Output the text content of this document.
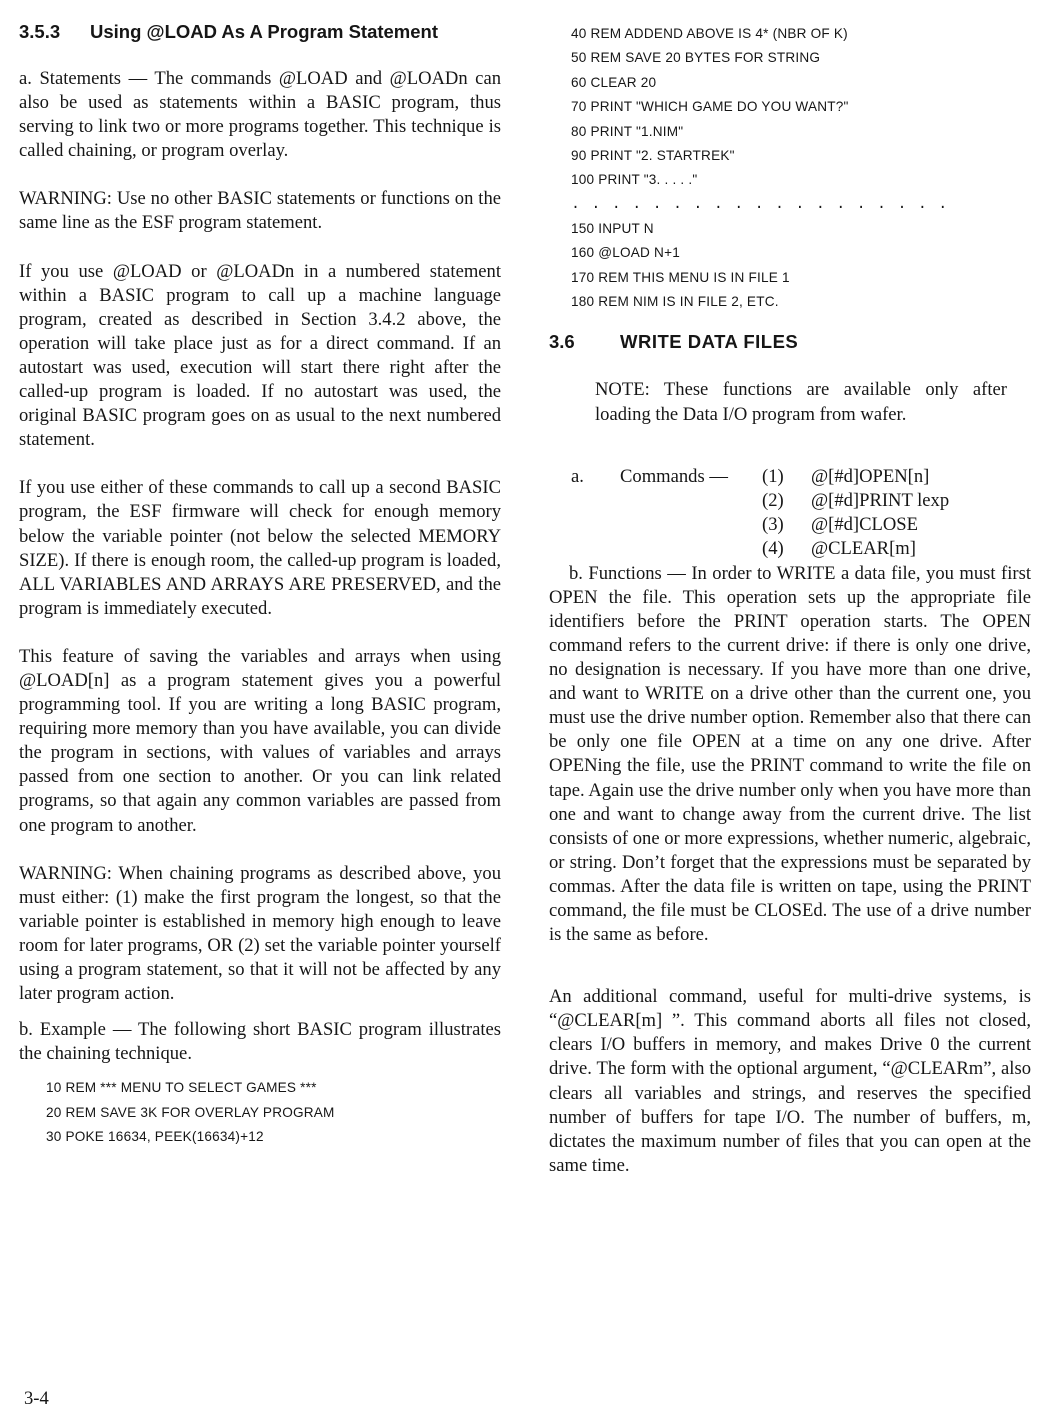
3.5.3 Using @LOAD As A Program Statement

a. Statements — The commands @LOAD and @LOADn can also be used as statements within a BASIC program, thus serving to link two or more programs together. This technique is called chaining, or program overlay.

WARNING: Use no other BASIC statements or functions on the same line as the ESF program statement.

If you use @LOAD or @LOADn in a numbered statement within a BASIC program to call up a machine language program, created as described in Section 3.4.2 above, the operation will take place just as for a direct command. If an autostart was used, execution will start there right after the called-up program is loaded. If no autostart was used, the original BASIC program goes on as usual to the next numbered statement.

If you use either of these commands to call up a second BASIC program, the ESF firmware will check for enough memory below the variable pointer (not below the selected MEMORY SIZE). If there is enough room, the called-up program is loaded, ALL VARIABLES AND ARRAYS ARE PRESERVED, and the program is immediately executed.

This feature of saving the variables and arrays when using @LOAD[n] as a program statement gives you a powerful programming tool. If you are writing a long BASIC program, requiring more memory than you have available, you can divide the program in sections, with values of variables and arrays passed from one section to another. Or you can link related programs, so that again any common variables are passed from one program to another.

WARNING: When chaining programs as described above, you must either: (1) make the first program the longest, so that the variable pointer is established in memory high enough to leave room for later programs, OR (2) set the variable pointer yourself using a program statement, so that it will not be affected by any later program action.

b. Example — The following short BASIC program illustrates the chaining technique.

10 REM *** MENU TO SELECT GAMES ***
20 REM SAVE 3K FOR OVERLAY PROGRAM
30 POKE 16634, PEEK(16634)+12
40 REM ADDEND ABOVE IS 4* (NBR OF K)
50 REM SAVE 20 BYTES FOR STRING
60 CLEAR 20
70 PRINT "WHICH GAME DO YOU WANT?"
80 PRINT "1.NIM"
90 PRINT "2. STARTREK"
100 PRINT "3. . . . ."
. . . . . . . . . . . . . . . . . . .
150 INPUT N
160 @LOAD N+1
170 REM THIS MENU IS IN FILE 1
180 REM NIM IS IN FILE 2, ETC.
3.6 WRITE DATA FILES

NOTE: These functions are available only after loading the Data I/O program from wafer.

a. Commands — (1) @[#d]OPEN[n]
(2) @[#d]PRINT lexp
(3) @[#d]CLOSE
(4) @CLEAR[m]

b. Functions — In order to WRITE a data file, you must first OPEN the file. This operation sets up the appropriate file identifiers before the PRINT operation starts. The OPEN command refers to the current drive: if there is only one drive, no designation is necessary. If you have more than one drive, and want to WRITE on a drive other than the current one, you must use the drive number option. Remember also that there can be only one file OPEN at a time on any one drive. After OPENing the file, use the PRINT command to write the file on tape. Again use the drive number only when you have more than one and want to change away from the current drive. The list consists of one or more expressions, whether numeric, algebraic, or string. Don’t forget that the expressions must be separated by commas. After the data file is written on tape, using the PRINT command, the file must be CLOSEd. The use of a drive number is the same as before.

An additional command, useful for multi-drive systems, is “@CLEAR[m] ”. This command aborts all files not closed, clears I/O buffers in memory, and makes Drive 0 the current drive. The form with the optional argument, “@CLEARm”, also clears all variables and strings, and reserves the specified number of buffers for tape I/O. The number of buffers, m, dictates the maximum number of files that you can open at the same time.

3-4
